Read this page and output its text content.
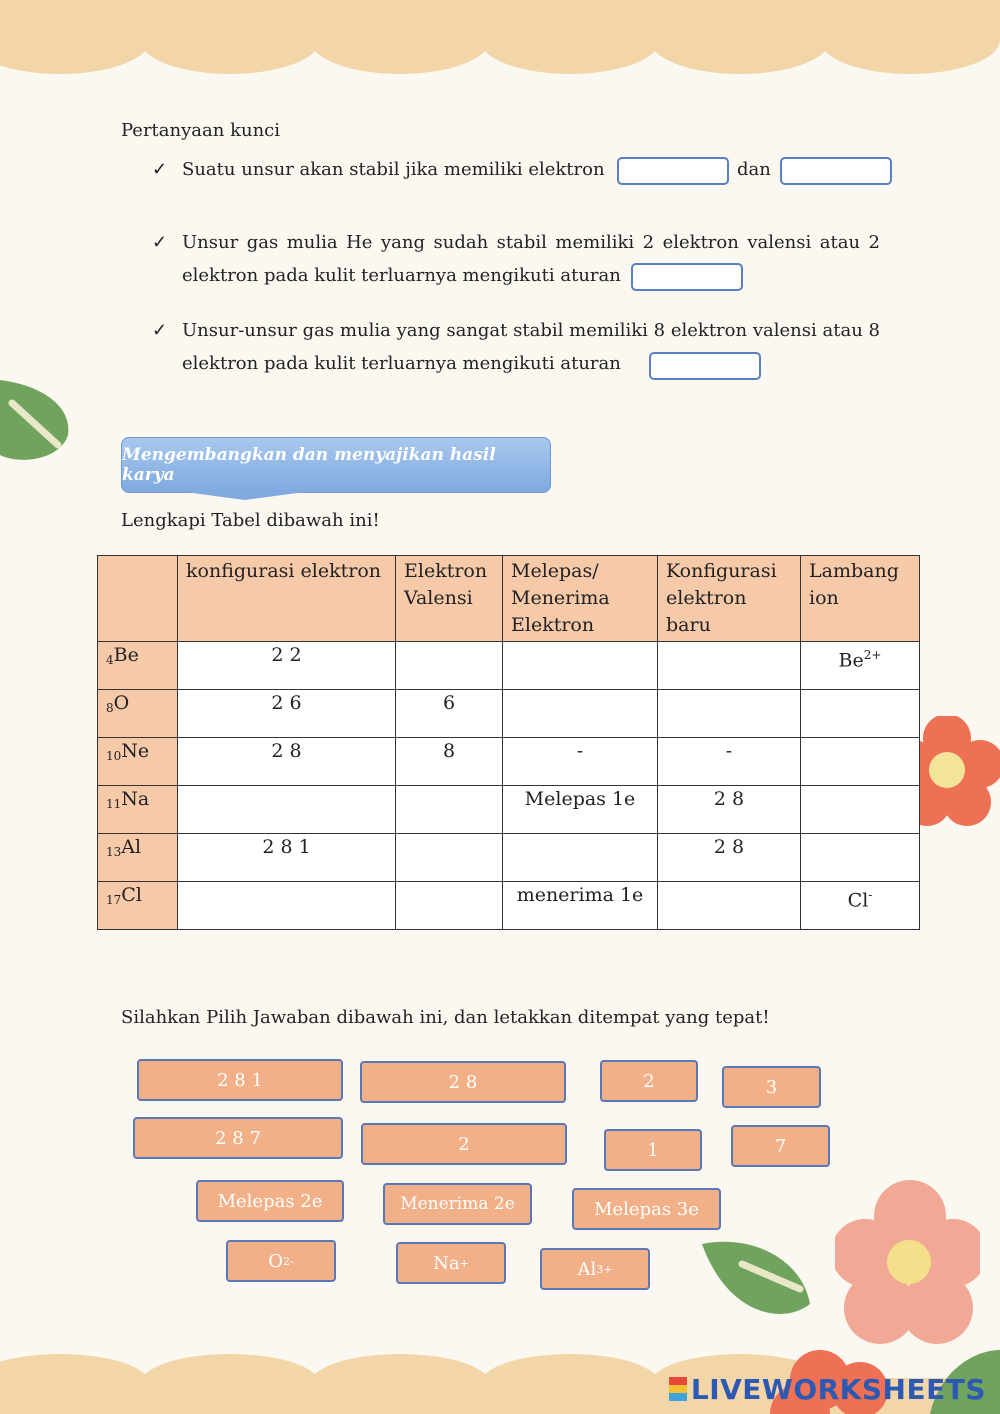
Pertanyaan kunci
✓ Suatu unsur akan stabil jika memiliki elektron	dan
✓ Unsur gas mulia He yang sudah stabil memiliki 2 elektron valensi atau 2 elektron pada kulit terluarnya mengikuti aturan
✓ Unsur-unsur gas mulia yang sangat stabil memiliki 8 elektron valensi atau 8 elektron pada kulit terluarnya mengikuti aturan
Mengembangkan dan menyajikan hasil karya
Lengkapi Tabel dibawah ini!
	konfigurasi elektron	Elektron Valensi	Melepas/ Menerima Elektron	Konfigurasi elektron baru	Lambang ion
$_4$Be	2 2				$Be^{2+}$
$_8$O	2 6	6			
$_{10}$Ne	2 8	8	-	-	
$_{11}$Na			Melepas 1e	2 8	
$_{13}$Al	2 8 1			2 8	
$_{17}$Cl			menerima 1e		Cl-
Silahkan Pilih Jawaban dibawah ini, dan letakkan ditempat yang tepat!
2 8 1	2 8	2	3
2 8 7	2	1	7
Melepas 2e	Menerima 2e	Melepas 3e
O 2-	Na +	Al 3+
LIVEWORKSHEETS
